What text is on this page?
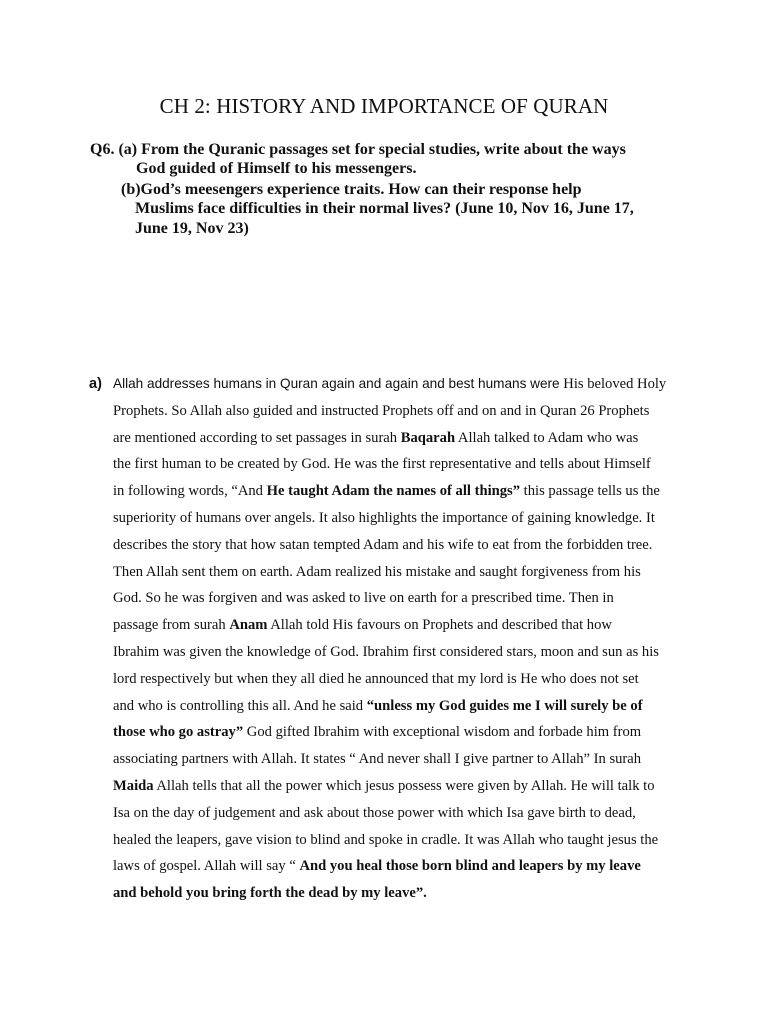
CH 2: HISTORY AND IMPORTANCE OF QURAN
Q6. (a) From the Quranic passages set for special studies, write about the ways
God guided of Himself to his messengers.
(b)God’s meesengers experience traits. How can their response help
Muslims face difficulties in their normal lives? (June 10, Nov 16, June 17,
June 19, Nov 23)
a) Allah addresses humans in Quran again and again and best humans were His beloved Holy
Prophets. So Allah also guided and instructed Prophets off and on and in Quran 26 Prophets
are mentioned according to set passages in surah Baqarah Allah talked to Adam who was
the first human to be created by God. He was the first representative and tells about Himself
in following words, “And He taught Adam the names of all things” this passage tells us the
superiority of humans over angels. It also highlights the importance of gaining knowledge. It
describes the story that how satan tempted Adam and his wife to eat from the forbidden tree.
Then Allah sent them on earth. Adam realized his mistake and saught forgiveness from his
God. So he was forgiven and was asked to live on earth for a prescribed time. Then in
passage from surah Anam Allah told His favours on Prophets and described that how
Ibrahim was given the knowledge of God. Ibrahim first considered stars, moon and sun as his
lord respectively but when they all died he announced that my lord is He who does not set
and who is controlling this all. And he said “unless my God guides me I will surely be of
those who go astray” God gifted Ibrahim with exceptional wisdom and forbade him from
associating partners with Allah. It states “ And never shall I give partner to Allah” In surah
Maida Allah tells that all the power which jesus possess were given by Allah. He will talk to
Isa on the day of judgement and ask about those power with which Isa gave birth to dead,
healed the leapers, gave vision to blind and spoke in cradle. It was Allah who taught jesus the
laws of gospel. Allah will say “ And you heal those born blind and leapers by my leave
and behold you bring forth the dead by my leave”.
